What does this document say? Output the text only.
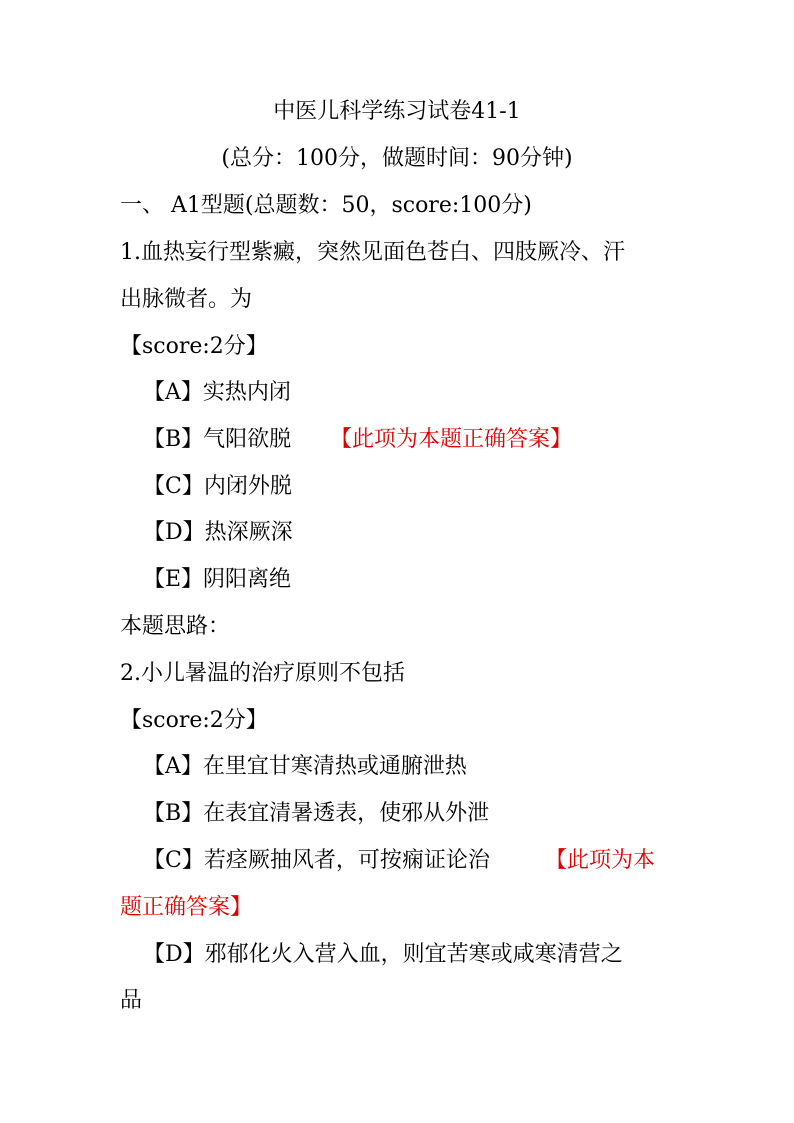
中医儿科学练习试卷41-1
(总分：100分，做题时间：90分钟)
一、 A1型题(总题数：50，score:100分)
1.血热妄行型紫癜，突然见面色苍白、四肢厥冷、汗
出脉微者。为
【score:2分】
【A】实热内闭
【B】气阳欲脱 【此项为本题正确答案】
【C】内闭外脱
【D】热深厥深
【E】阴阳离绝
本题思路：
2.小儿暑温的治疗原则不包括
【score:2分】
【A】在里宜甘寒清热或通腑泄热
【B】在表宜清暑透表，使邪从外泄
【C】若痉厥抽风者，可按痫证论治	【此项为本
题正确答案】
【D】邪郁化火入营入血，则宜苦寒或咸寒清营之
品
